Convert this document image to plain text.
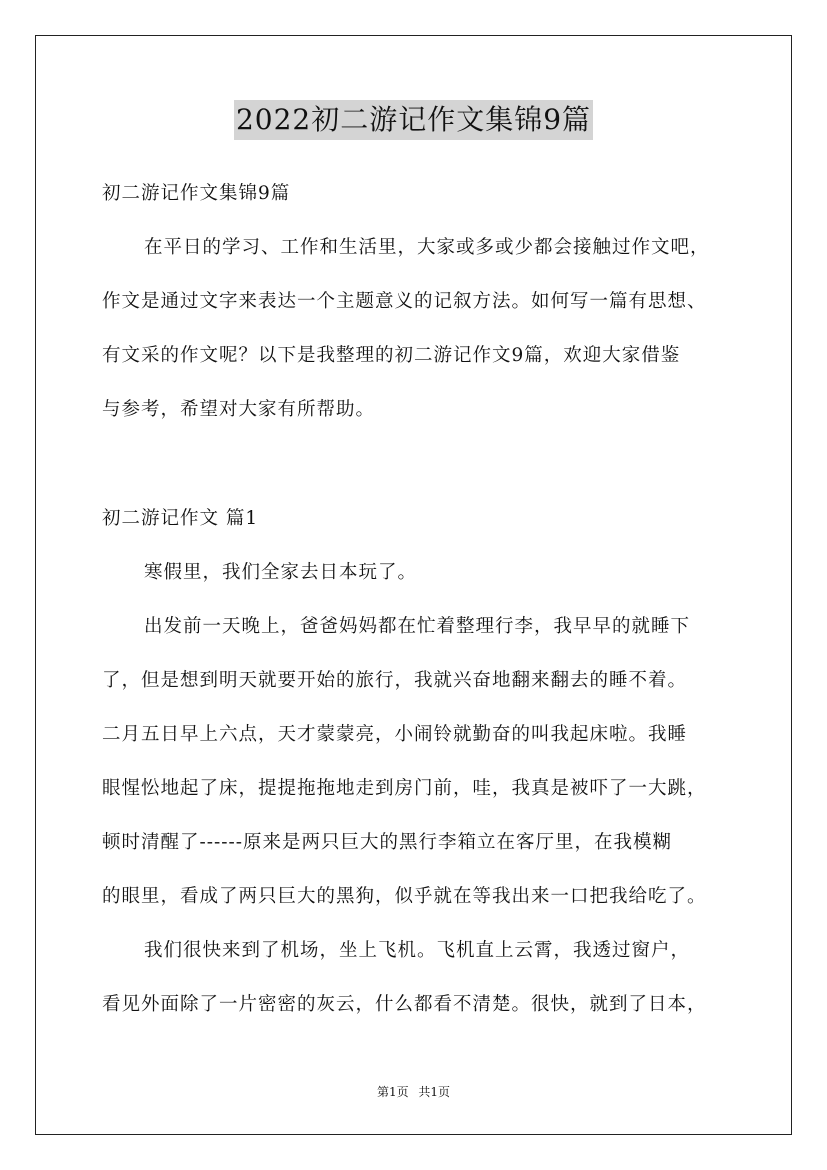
2022初二游记作文集锦9篇
初二游记作文集锦9篇
在平日的学习、工作和生活里，大家或多或少都会接触过作文吧，
作文是通过文字来表达一个主题意义的记叙方法。如何写一篇有思想、
有文采的作文呢？以下是我整理的初二游记作文9篇，欢迎大家借鉴
与参考，希望对大家有所帮助。
初二游记作文 篇1
寒假里，我们全家去日本玩了。
出发前一天晚上，爸爸妈妈都在忙着整理行李，我早早的就睡下
了，但是想到明天就要开始的旅行，我就兴奋地翻来翻去的睡不着。
二月五日早上六点，天才蒙蒙亮，小闹铃就勤奋的叫我起床啦。我睡
眼惺忪地起了床，提提拖拖地走到房门前，哇，我真是被吓了一大跳，
顿时清醒了------原来是两只巨大的黑行李箱立在客厅里，在我模糊
的眼里，看成了两只巨大的黑狗，似乎就在等我出来一口把我给吃了。
我们很快来到了机场，坐上飞机。飞机直上云霄，我透过窗户，
看见外面除了一片密密的灰云，什么都看不清楚。很快，就到了日本，
第1页 共1页
